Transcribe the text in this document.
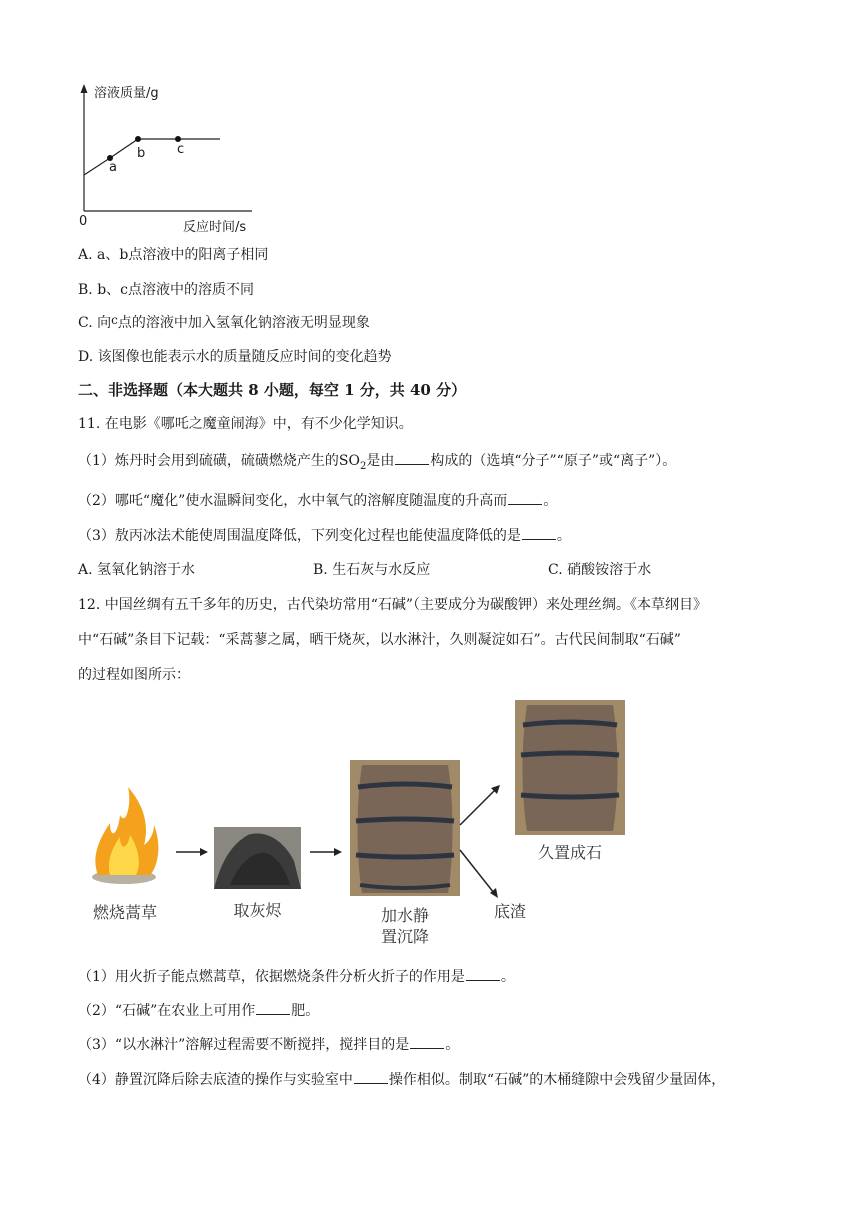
溶液质量/g
反应时间/s
0
a
b c
A. a、b点溶液中的阳离子相同
B. b、c点溶液中的溶质不同
C. 向c点的溶液中加入氢氧化钠溶液无明显现象
D. 该图像也能表示水的质量随反应时间的变化趋势
二、非选择题（本大题共 8 小题，每空 1 分，共 40 分）
11. 在电影《哪吒之魔童闹海》中，有不少化学知识。
（1）炼丹时会用到硫磺，硫磺燃烧产生的$SO_2$是由	构成的（选填“分子”“原子”或“离子”）。
（2）哪吒“魔化”使水温瞬间变化，水中氧气的溶解度随温度的升高而	。
（3）敖丙冰法术能使周围温度降低，下列变化过程也能使温度降低的是	。
A. 氢氧化钠溶于水	B. 生石灰与水反应	C. 硝酸铵溶于水
12. 中国丝绸有五千多年的历史，古代染坊常用“石碱”（主要成分为碳酸钾）来处理丝绸。《本草纲目》
中“石碱”条目下记载：“采蒿蓼之属，晒干烧灰，以水淋汁，久则凝淀如石”。古代民间制取“石碱”
的过程如图所示：
燃烧蒿草	取灰烬	加水静
置沉降
久置成石
底渣
（1）用火折子能点燃蒿草，依据燃烧条件分析火折子的作用是	。
（2）“石碱”在农业上可用作	肥。
（3）“以水淋汁”溶解过程需要不断搅拌，搅拌目的是	。
（4）静置沉降后除去底渣的操作与实验室中	操作相似。制取“石碱”的木桶缝隙中会残留少量固体，
